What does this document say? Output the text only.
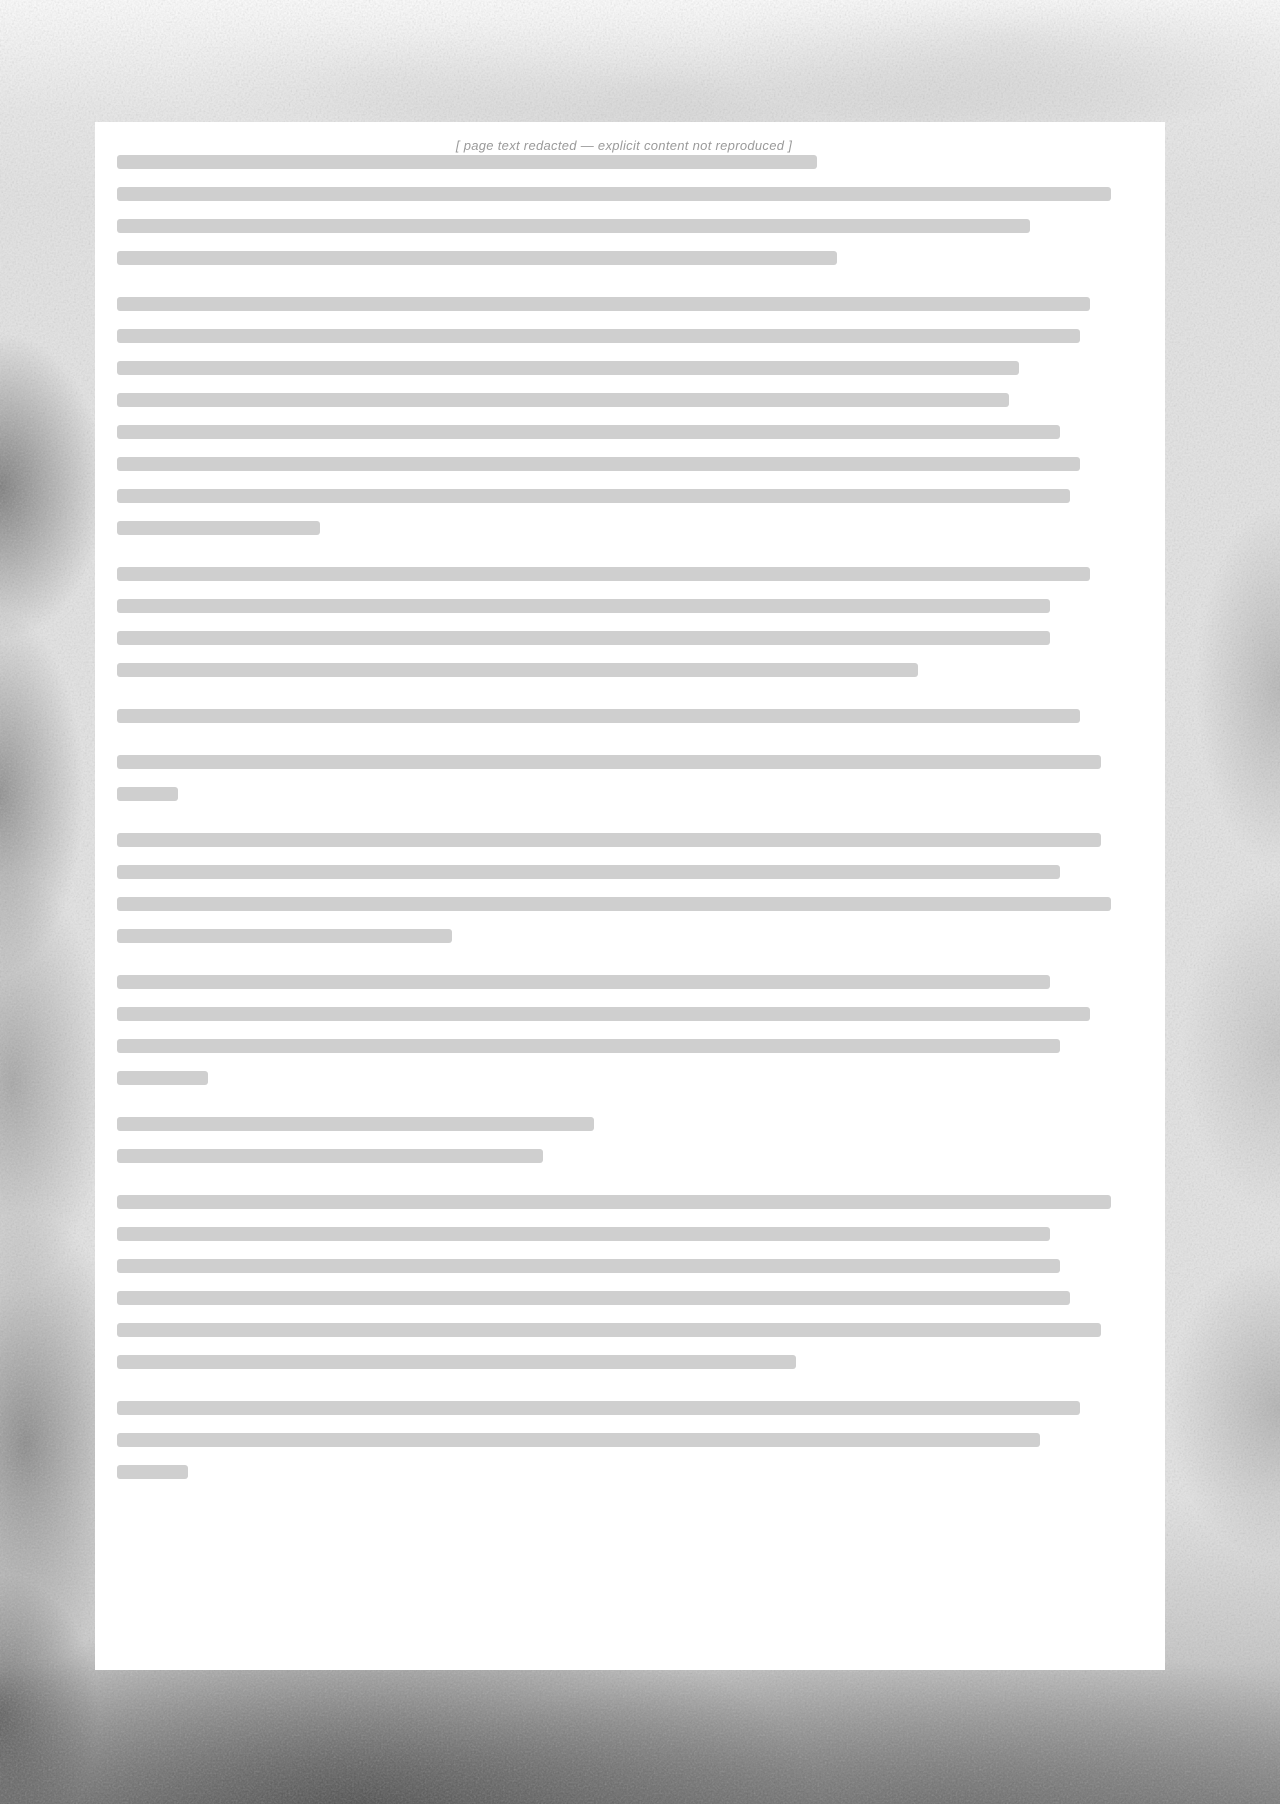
[ page text redacted — explicit content not reproduced ]
